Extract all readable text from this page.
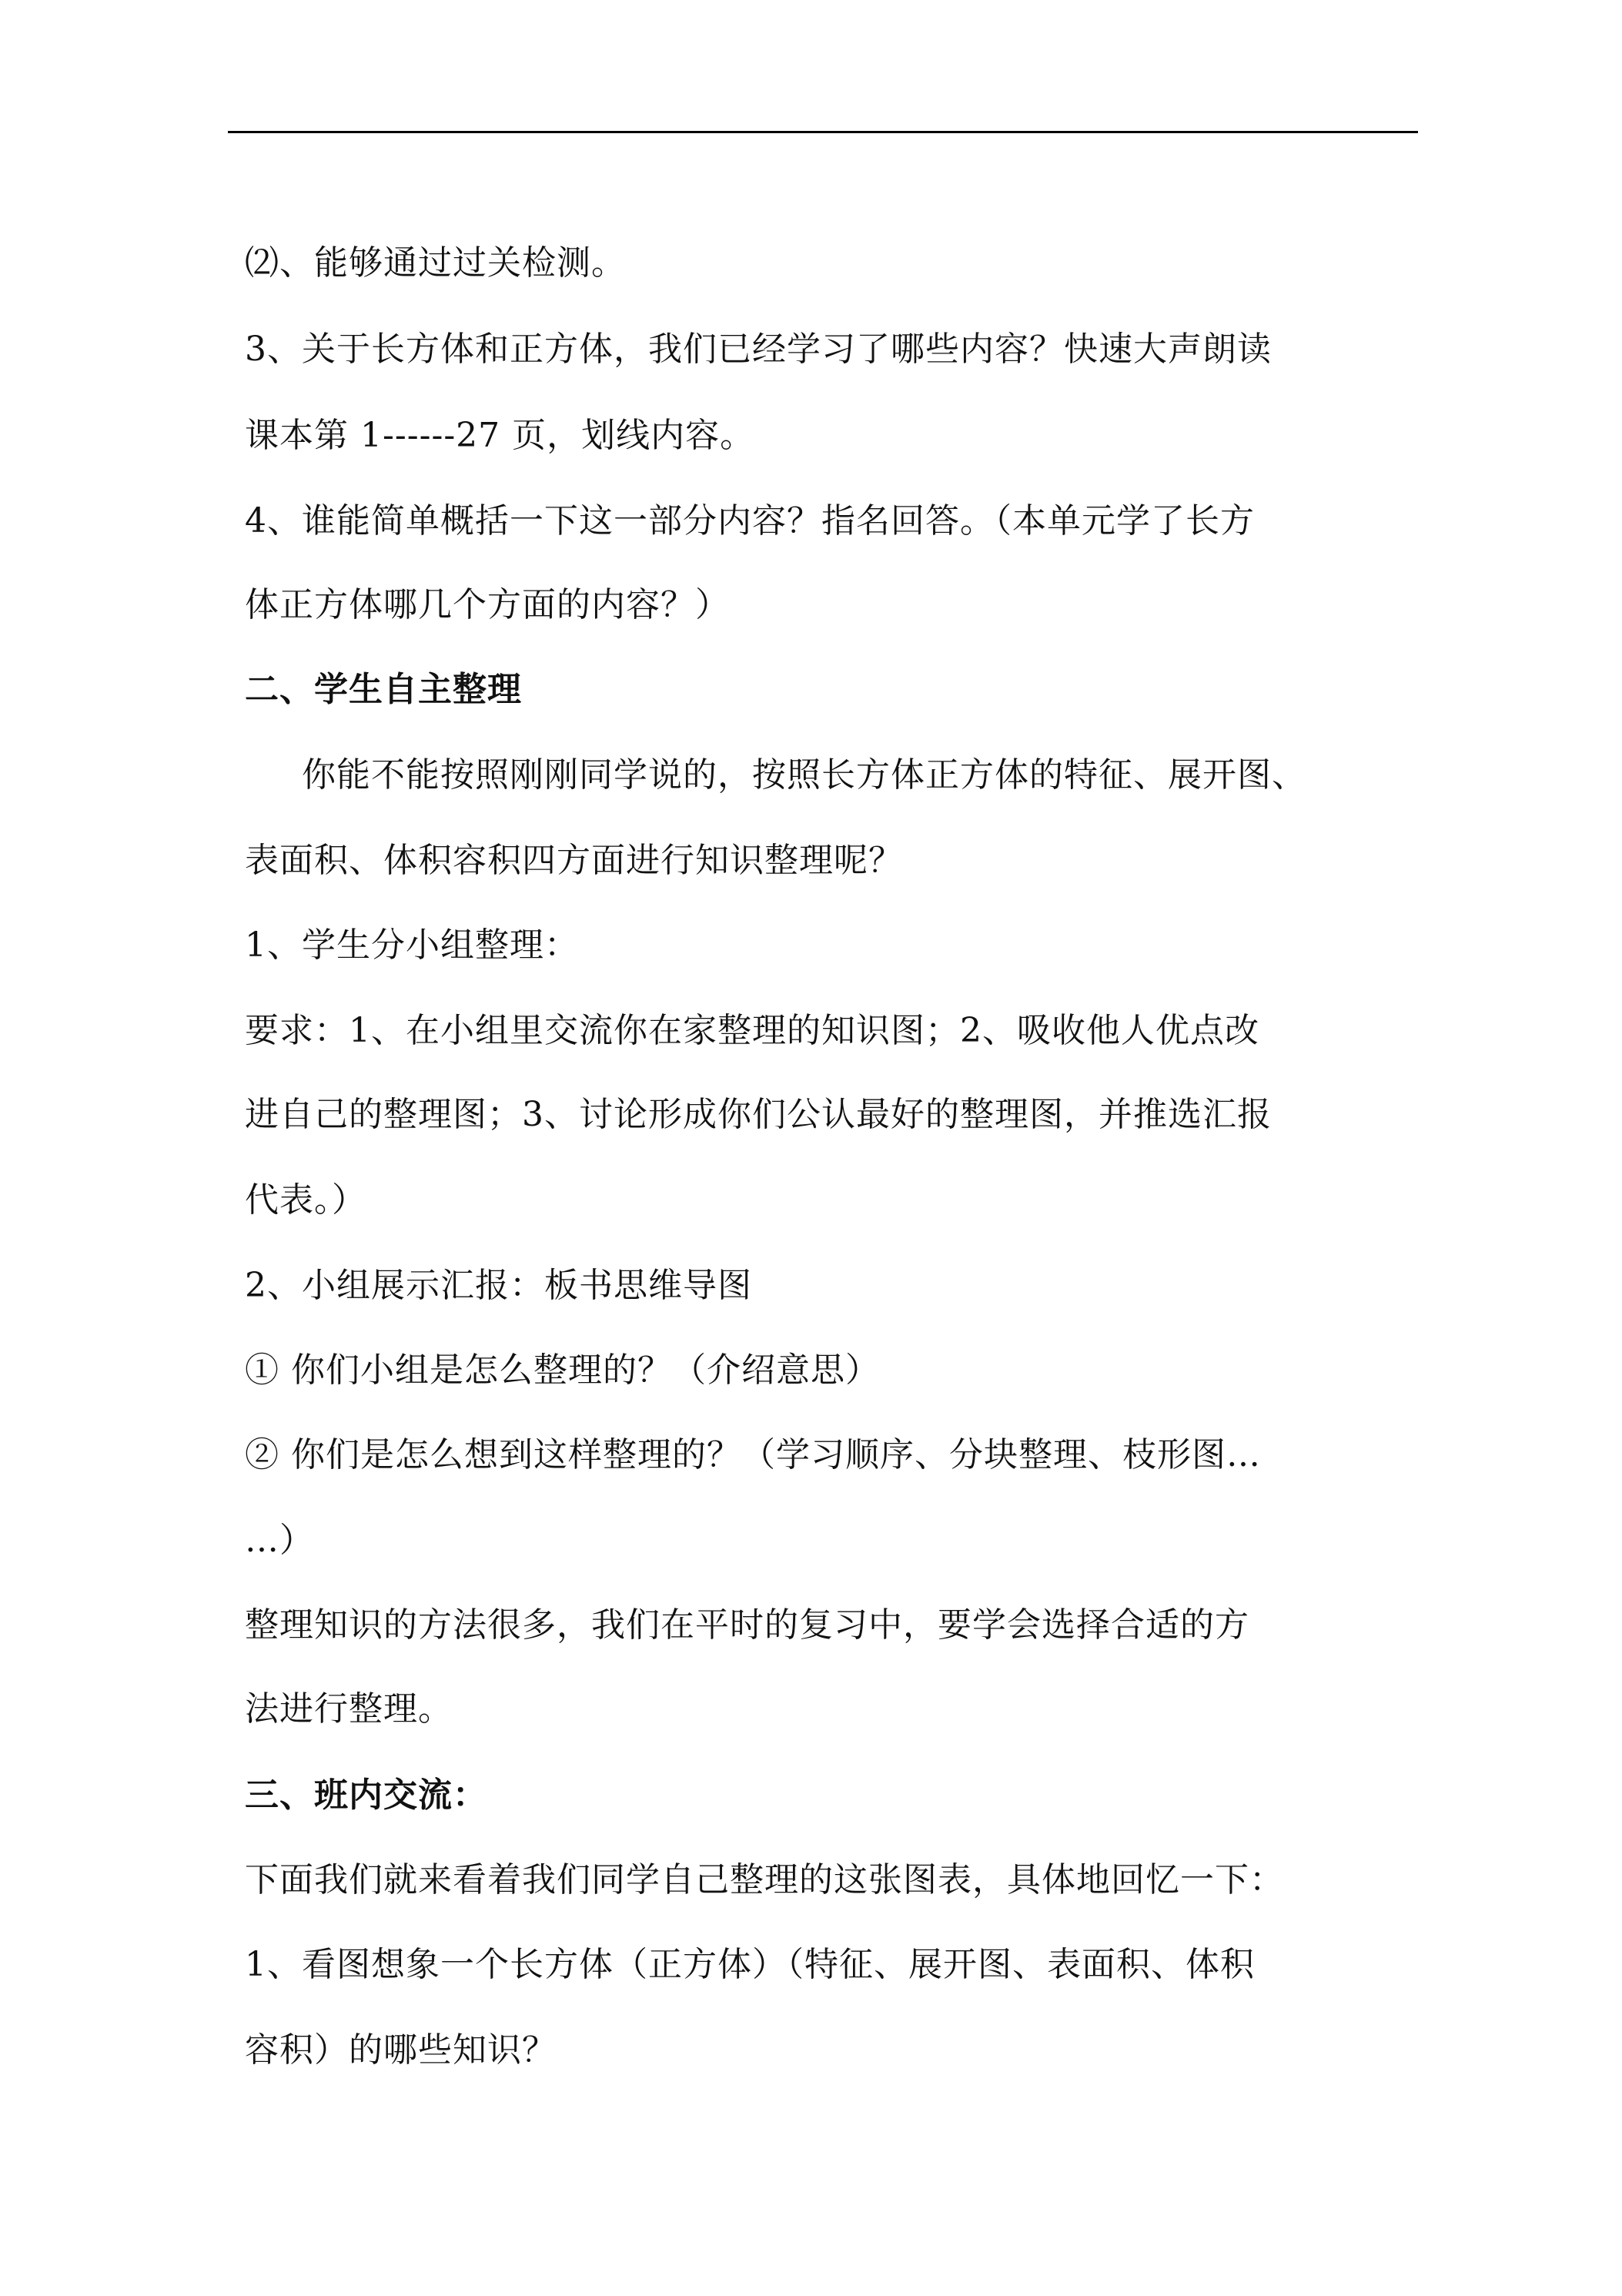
⑵、能够通过过关检测。
3、关于长方体和正方体，我们已经学习了哪些内容？快速大声朗读
课本第 1------27 页，划线内容。
4、谁能简单概括一下这一部分内容？指名回答。（本单元学了长方
体正方体哪几个方面的内容？）
二、学生自主整理
你能不能按照刚刚同学说的，按照长方体正方体的特征、展开图、
表面积、体积容积四方面进行知识整理呢？
1、学生分小组整理：
要求：1、在小组里交流你在家整理的知识图；2、吸收他人优点改
进自己的整理图；3、讨论形成你们公认最好的整理图，并推选汇报
代表。）
2、小组展示汇报：板书思维导图
① 你们小组是怎么整理的？（介绍意思）
② 你们是怎么想到这样整理的？（学习顺序、分块整理、枝形图…
…）
整理知识的方法很多，我们在平时的复习中，要学会选择合适的方
法进行整理。
三、班内交流：
下面我们就来看着我们同学自己整理的这张图表，具体地回忆一下：
1、看图想象一个长方体（正方体）（特征、展开图、表面积、体积
容积）的哪些知识？
